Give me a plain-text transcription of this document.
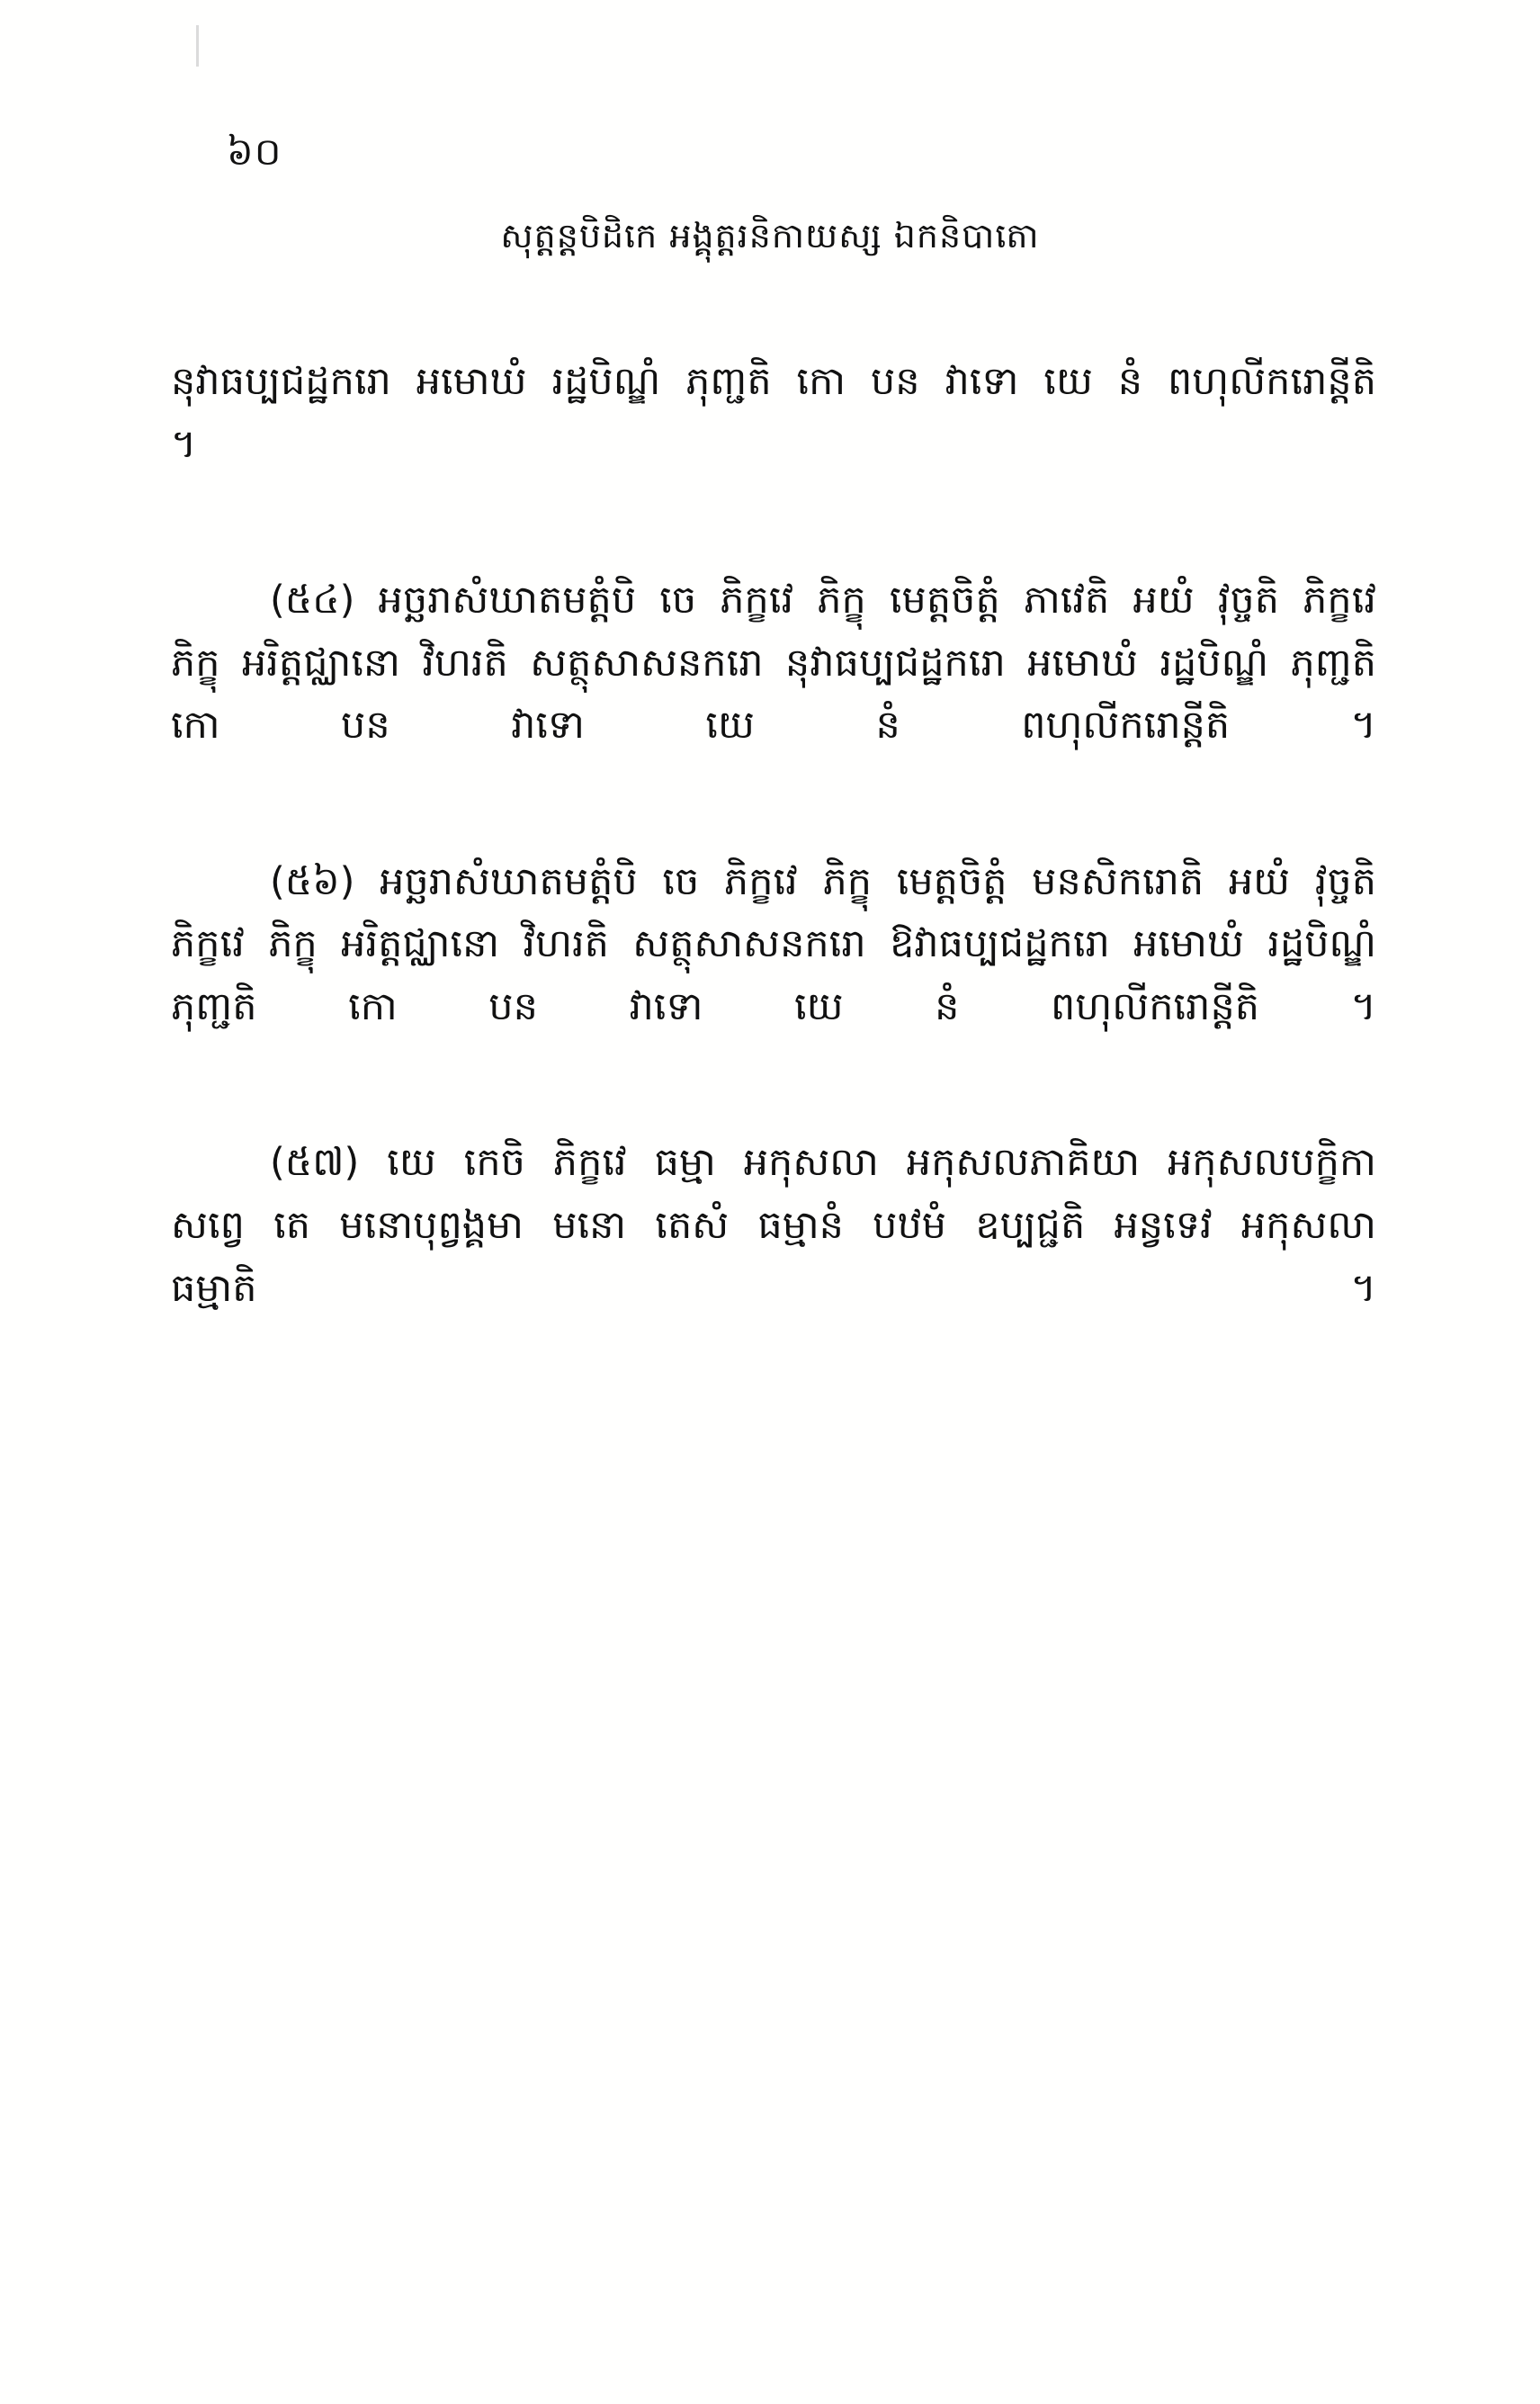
៦០
សុត្តន្តបិដិកេ អង្គុត្តរនិកាយស្ស ឯកនិបាតោ

នុវាធប្បជដ្ឋករោ អមោឃំ រដ្ឋបិណ្ឌំ ភុញ្ជតិ កោ បន វាទោ យេ នំ ពហុលីករោន្តីតិ ។

(៥៤) អច្ឆរាសំឃាតមត្តំបិ ចេ ភិក្ខវេ ភិក្ខុ មេត្តចិត្តំ ភាវេតិ អយំ វុច្ចតិ ភិក្ខវេ ភិក្ខុ អរិត្តជ្ឈានោ វិហរតិ សត្ថុសាសនករោ នុវាធប្បជដ្ឋករោ អមោឃំ រដ្ឋបិណ្ឌំ ភុញ្ជតិ កោ បន វាទោ យេ នំ ពហុលីករោន្តីតិ ។

(៥៦) អច្ឆរាសំឃាតមត្តំបិ ចេ ភិក្ខវេ ភិក្ខុ មេត្តចិត្តំ មនសិករោតិ អយំ វុច្ចតិ ភិក្ខវេ ភិក្ខុ អរិត្តជ្ឈានោ វិហរតិ សត្ថុសាសនករោ ឱវាធប្បជដ្ឋករោ អមោឃំ រដ្ឋបិណ្ឌំ ភុញ្ជតិ កោ បន វាទោ យេ នំ ពហុលីករោន្តីតិ ។

(៥៧) យេ កេចិ ភិក្ខវេ ធម្មា អកុសលា អកុសលភាគិយា អកុសលបក្ខិកា សព្វេ តេ មនោបុព្វង្គមា មនោ តេសំ ធម្មានំ បឋមំ ឧប្បជ្ជតិ អន្វទេវ អកុសលា ធម្មាតិ ។
